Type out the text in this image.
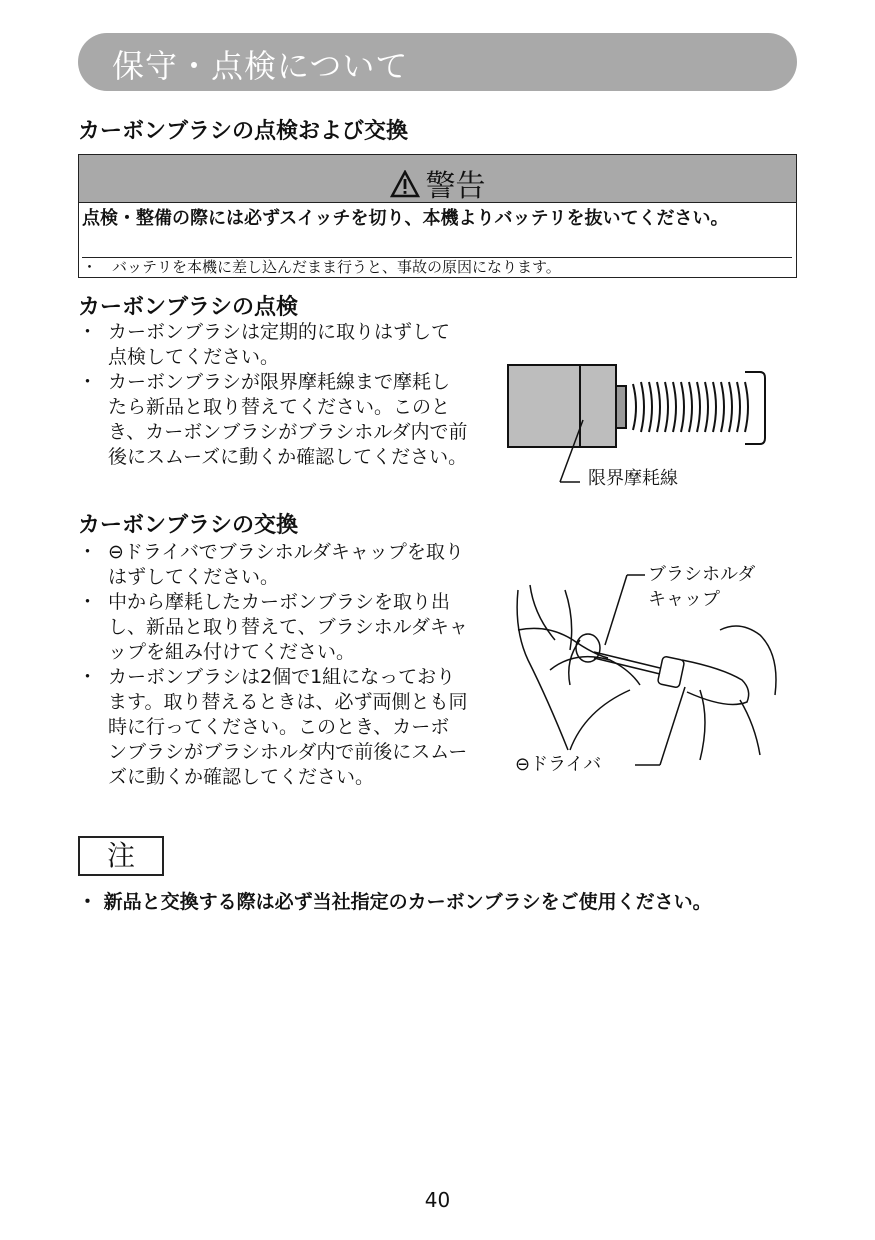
保守・点検について
カーボンブラシの点検および交換
警告
点検・整備の際には必ずスイッチを切り、本機よりバッテリを抜いてください。
・　バッテリを本機に差し込んだまま行うと、事故の原因になります。
カーボンブラシの点検
・ カーボンブラシは定期的に取りはずして点検してください。
・ カーボンブラシが限界摩耗線まで摩耗したら新品と取り替えてください。このとき、カーボンブラシがブラシホルダ内で前後にスムーズに動くか確認してください。
限界摩耗線
カーボンブラシの交換
・ ⊖ドライバでブラシホルダキャップを取りはずしてください。
・ 中から摩耗したカーボンブラシを取り出し、新品と取り替えて、ブラシホルダキャップを組み付けてください。
・ カーボンブラシは2個で1組になっております。取り替えるときは、必ず両側とも同時に行ってください。このとき、カーボンブラシがブラシホルダ内で前後にスムーズに動くか確認してください。
ブラシホルダ
キャップ
⊖ドライバ
注
・ 新品と交換する際は必ず当社指定のカーボンブラシをご使用ください。
40
